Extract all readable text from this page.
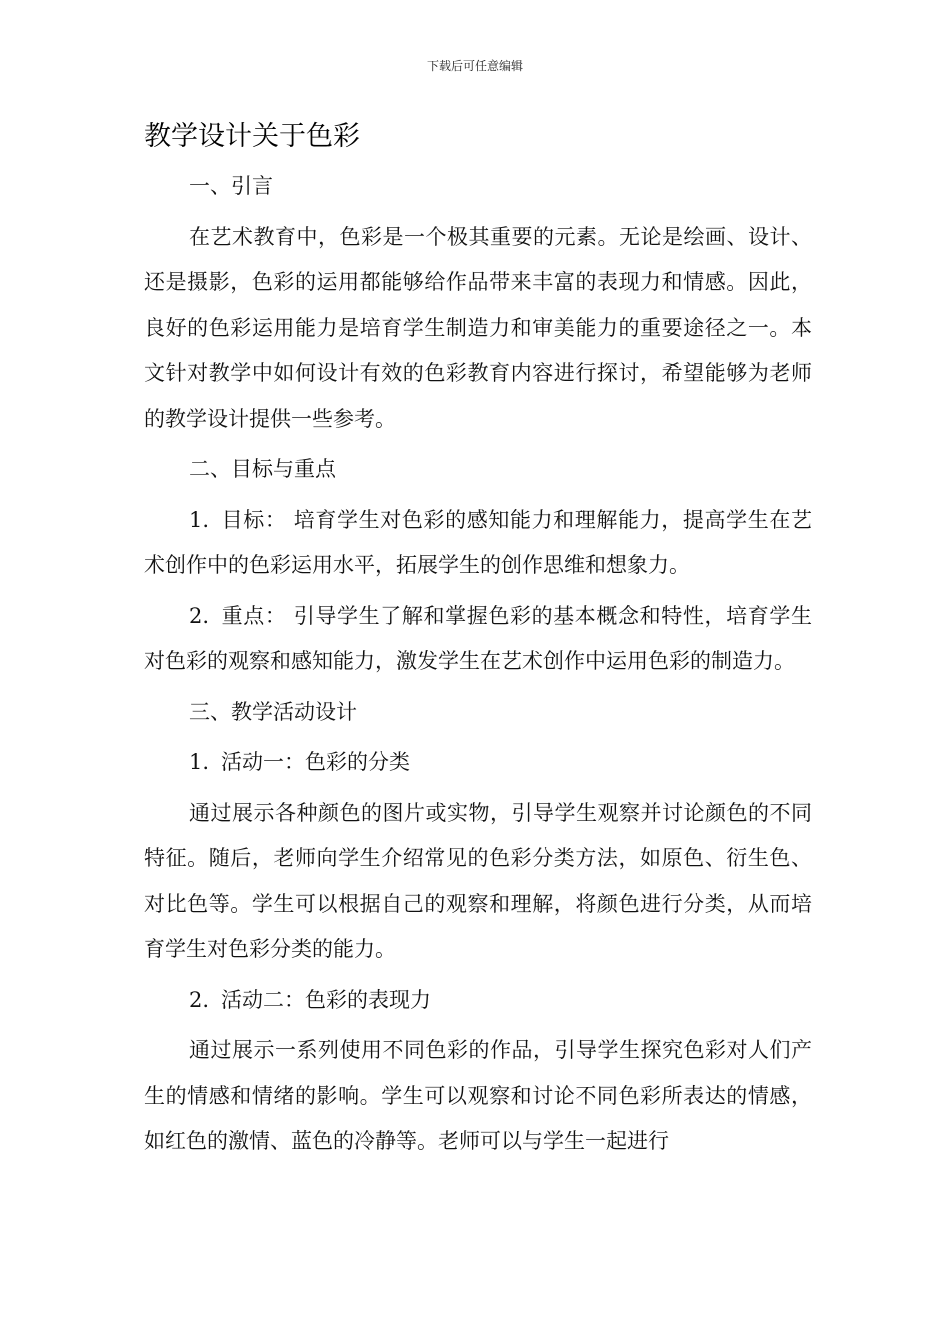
下载后可任意编辑
教学设计关于色彩

一、引言

在艺术教育中，色彩是一个极其重要的元素。无论是绘画、设计、还是摄影，色彩的运用都能够给作品带来丰富的表现力和情感。因此，良好的色彩运用能力是培育学生制造力和审美能力的重要途径之一。本文针对教学中如何设计有效的色彩教育内容进行探讨，希望能够为老师的教学设计提供一些参考。

二、目标与重点

1. 目标： 培育学生对色彩的感知能力和理解能力，提高学生在艺术创作中的色彩运用水平，拓展学生的创作思维和想象力。

2. 重点： 引导学生了解和掌握色彩的基本概念和特性，培育学生对色彩的观察和感知能力，激发学生在艺术创作中运用色彩的制造力。

三、教学活动设计

1. 活动一：色彩的分类

通过展示各种颜色的图片或实物，引导学生观察并讨论颜色的不同特征。随后，老师向学生介绍常见的色彩分类方法，如原色、衍生色、对比色等。学生可以根据自己的观察和理解，将颜色进行分类，从而培育学生对色彩分类的能力。

2. 活动二：色彩的表现力

通过展示一系列使用不同色彩的作品，引导学生探究色彩对人们产生的情感和情绪的影响。学生可以观察和讨论不同色彩所表达的情感，如红色的激情、蓝色的冷静等。老师可以与学生一起进行
